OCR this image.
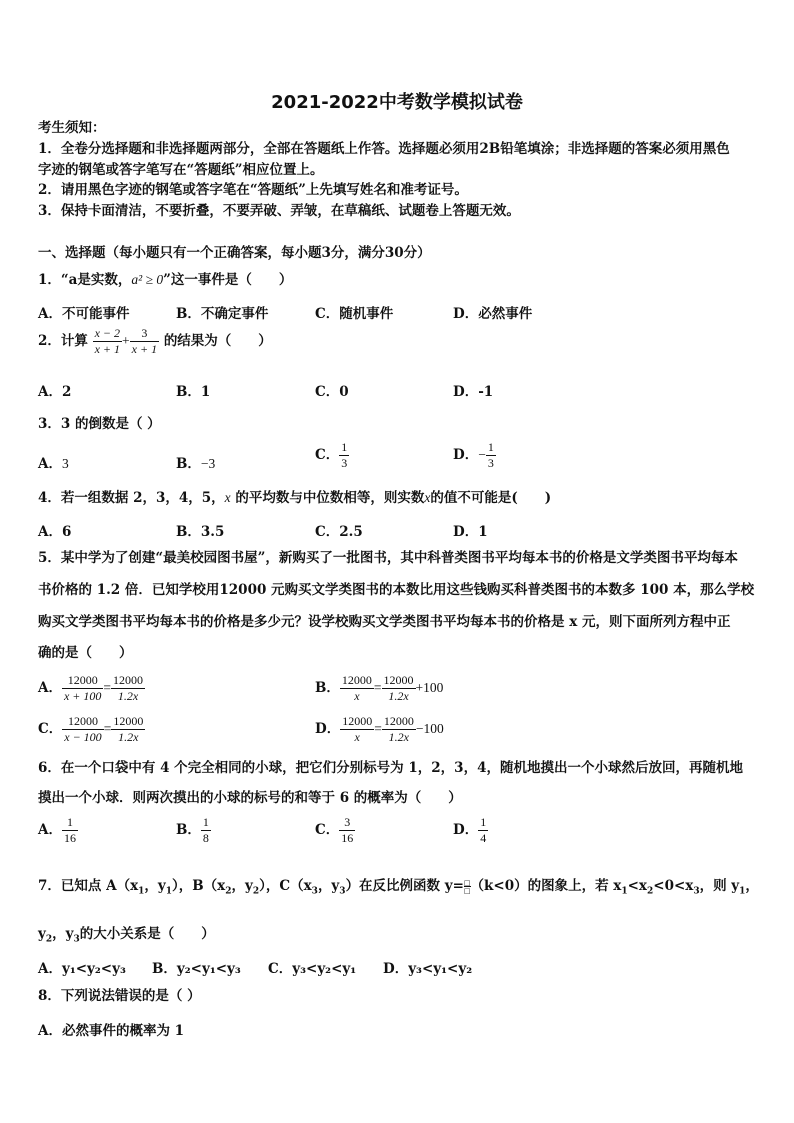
2021-2022中考数学模拟试卷
考生须知：
1．全卷分选择题和非选择题两部分，全部在答题纸上作答。选择题必须用2B铅笔填涂；非选择题的答案必须用黑色
字迹的钢笔或答字笔写在“答题纸”相应位置上。
2．请用黑色字迹的钢笔或答字笔在“答题纸”上先填写姓名和准考证号。
3．保持卡面清洁，不要折叠，不要弄破、弄皱，在草稿纸、试题卷上答题无效。
一、选择题（每小题只有一个正确答案，每小题3分，满分30分）
1．“a是实数，a² ≥ 0”这一事件是（　　）
A．不可能事件	B．不确定事件	C．随机事件	D．必然事件
2．计算 $\frac{x - 2}{x + 1} + \frac{3}{x + 1}$ 的结果为（　　）
A．2	B．1	C．0	D．-1
3．3 的倒数是（ ）
A．3	B．−3
C． $\frac{1}{3}$	D．− $\frac{1}{3}$
4．若一组数据 2，3，4，5，x 的平均数与中位数相等，则实数x的值不可能是(　　)
A．6	B．3.5	C．2.5	D．1
5．某中学为了创建“最美校园图书屋”，新购买了一批图书，其中科普类图书平均每本书的价格是文学类图书平均每本
书价格的 1.2 倍．已知学校用12000 元购买文学类图书的本数比用这些钱购买科普类图书的本数多 100 本，那么学校
购买文学类图书平均每本书的价格是多少元？设学校购买文学类图书平均每本书的价格是 x 元，则下面所列方程中正
确的是（　　）
A． $\frac{12000}{x + 100} = \frac{12000}{1.2x}$	B． $\frac{12000}{x} = \frac{12000}{1.2x} +100$
C． $\frac{12000}{x - 100} = \frac{12000}{1.2x}$	D． $\frac{12000}{x} = \frac{12000}{1.2x} -100$
6．在一个口袋中有 4 个完全相同的小球，把它们分别标号为 1，2，3，4，随机地摸出一个小球然后放回，再随机地
摸出一个小球．则两次摸出的小球的标号的和等于 6 的概率为（　　）
A． $\frac{1}{16}$	B． $\frac{1}{8}$	C． $\frac{3}{16}$	D． $\frac{1}{4}$
7．已知点 $A(x_1$，$y_1$），$B(x_2$，$y_2$），$C(x_3$，$y_3$）在反比例函数 y= □
□ （k<0）的图象上，若 $x_1<x_2<0<x_3$，则 $y_1$，
$y_2$，$y_3$的大小关系是（　　）
A．y₁<y₂<y₃ B．y₂<y₁<y₃ C．y₃<y₂<y₁ D．y₃<y₁<y₂
8．下列说法错误的是（ ）
A．必然事件的概率为 1
